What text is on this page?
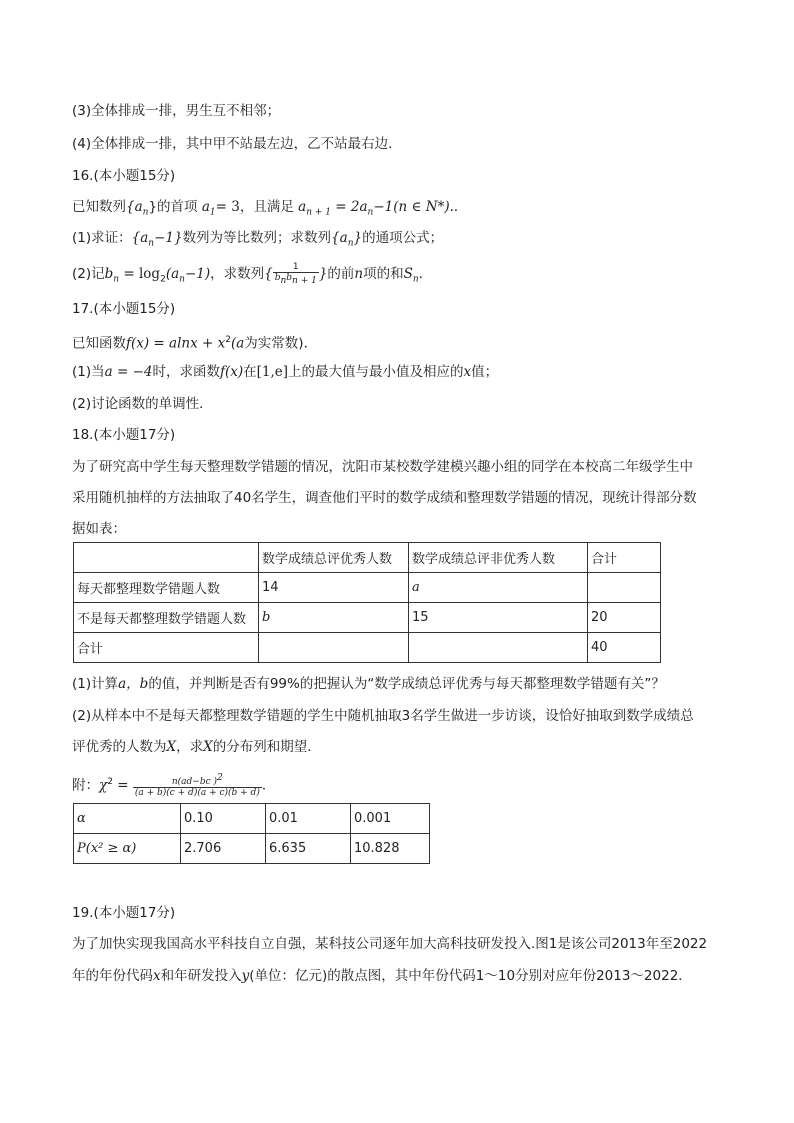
(3)全体排成一排，男生互不相邻；
(4)全体排成一排，其中甲不站最左边，乙不站最右边．
16.(本小题15分)
已知数列$\{a_n\}$的首项 $a_1= 3$，且满足 $a_{n + 1} = 2a_n-1(n$ ∈ N*).．
(1)求证：$\{a_n-1\}$数列为等比数列；求数列$\{a_n\}$的通项公式；
(2)记$b_n = \log_2(a_n-1)$，求数列{ $\frac{1}{b_nb_{n + 1}}$ }的前n项的和$S_n$．
17.(本小题15分)
已知函数$f(x) = alnx + x^2(a$为实常数)．
(1)当a = −4时，求函数f(x)在[1,e]上的最大值与最小值及相应的x值；
(2)讨论函数的单调性．
18.(本小题17分)
为了研究高中学生每天整理数学错题的情况，沈阳市某校数学建模兴趣小组的同学在本校高二年级学生中
采用随机抽样的方法抽取了40名学生，调查他们平时的数学成绩和整理数学错题的情况，现统计得部分数
据如表：
	数学成绩总评优秀人数	数学成绩总评非优秀人数	合计
每天都整理数学错题人数	14	a	
不是每天都整理数学错题人数	b	15	20
合计			40
(1)计算a，b的值，并判断是否有99%的把握认为“数学成绩总评优秀与每天都整理数学错题有关”？
(2)从样本中不是每天都整理数学错题的学生中随机抽取3名学生做进一步访谈，设恰好抽取到数学成绩总
评优秀的人数为X，求X的分布列和期望．
附：$\chi^2 = \frac{n(ad-bc )^2}{(a + b)(c + d)(a + c)(b + d)}$ ．
α	0.10	0.01	0.001
P(x² ≥ α)	2.706	6.635	10.828
19.(本小题17分)
为了加快实现我国高水平科技自立自强，某科技公司逐年加大高科技研发投入.图1是该公司2013年至2022
年的年份代码x和年研发投入y(单位：亿元)的散点图，其中年份代码1～10分别对应年份2013～2022．
